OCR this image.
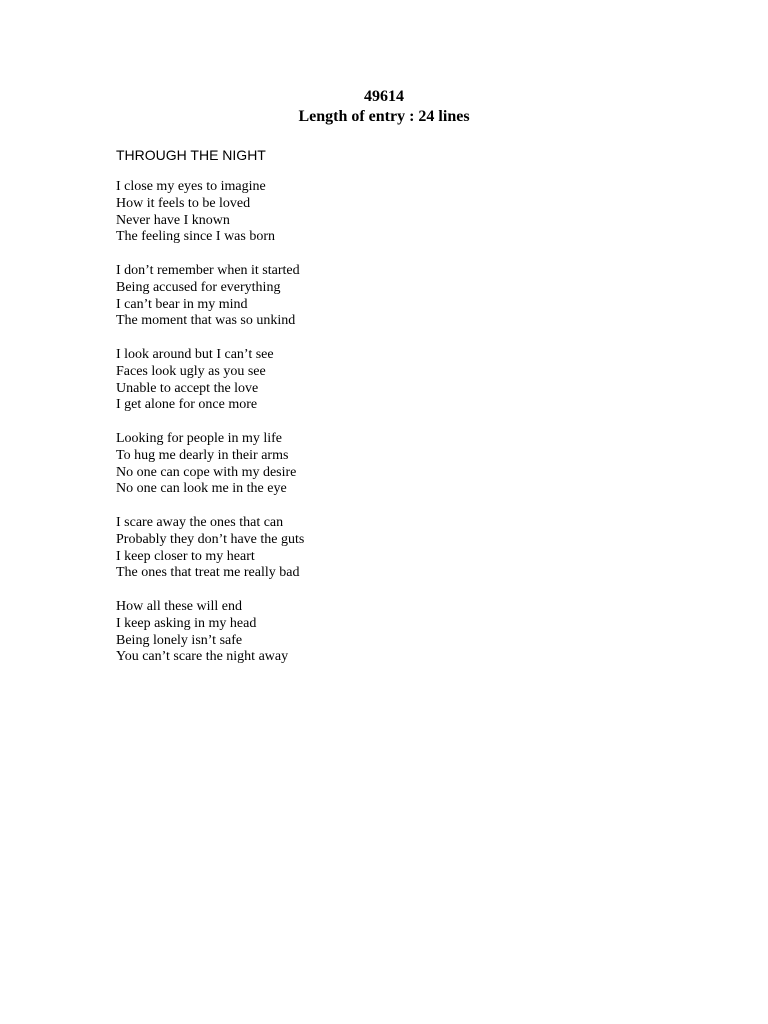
49614
Length of entry : 24 lines
THROUGH THE NIGHT
I close my eyes to imagine
How it feels to be loved
Never have I known
The feeling since I was born
I don’t remember when it started
Being accused for everything
I can’t bear in my mind
The moment that was so unkind
I look around but I can’t see
Faces look ugly as you see
Unable to accept the love
I get alone for once more
Looking for people in my life
To hug me dearly in their arms
No one can cope with my desire
No one can look me in the eye
I scare away the ones that can
Probably they don’t have the guts
I keep closer to my heart
The ones that treat me really bad
How all these will end
I keep asking in my head
Being lonely isn’t safe
You can’t scare the night away
